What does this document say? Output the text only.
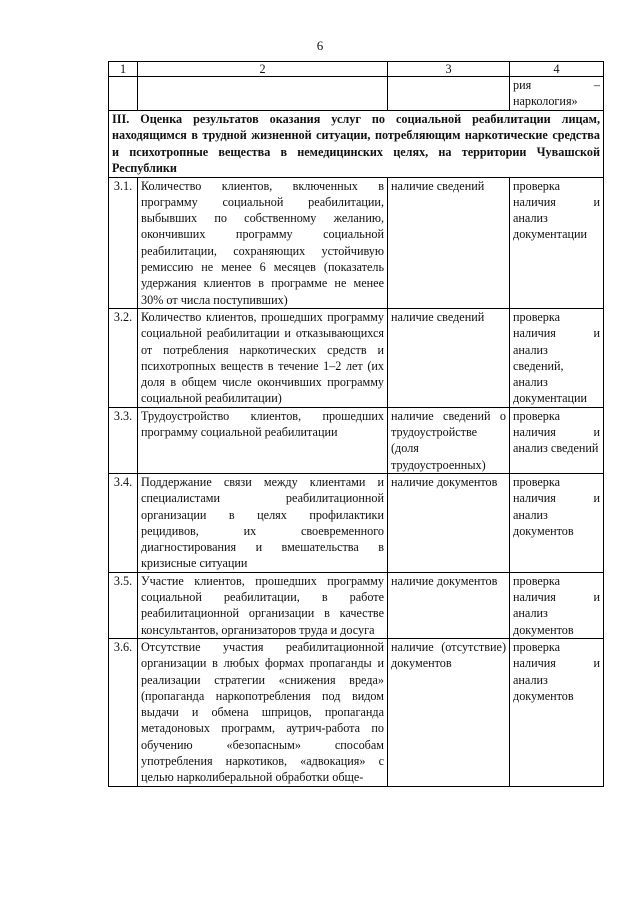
6
1	2	3	4
			рия – наркология»
III. Оценка результатов оказания услуг по социальной реабилитации лицам, находящимся в трудной жизненной ситуации, потребляющим наркотические средства и психотропные вещества в немедицинских целях, на территории Чувашской Республики			
3.1.	Количество клиентов, включенных в программу социальной реабилитации, выбывших по собственному желанию, окончивших программу социальной реабилитации, сохраняющих устойчивую ремиссию не менее 6 месяцев (показатель удержания клиентов в программе не менее 30% от числа поступивших)	наличие сведений	проверка наличия и анализ документации
3.2.	Количество клиентов, прошедших программу социальной реабилитации и отказывающихся от потребления наркотических средств и психотропных веществ в течение 1–2 лет (их доля в общем числе окончивших программу социальной реабилитации)	наличие сведений	проверка наличия и анализ сведений, анализ документации
3.3.	Трудоустройство клиентов, прошедших программу социальной реабилитации	наличие сведений о трудоустройстве (доля трудоустроенных)	проверка наличия и анализ сведений
3.4.	Поддержание связи между клиентами и специалистами реабилитационной организации в целях профилактики рецидивов, их своевременного диагностирования и вмешательства в кризисные ситуации	наличие документов	проверка наличия и анализ документов
3.5.	Участие клиентов, прошедших программу социальной реабилитации, в работе реабилитационной организации в качестве консультантов, организаторов труда и досуга	наличие документов	проверка наличия и анализ документов
3.6.	Отсутствие участия реабилитационной организации в любых формах пропаганды и реализации стратегии «снижения вреда» (пропаганда наркопотребления под видом выдачи и обмена шприцов, пропаганда метадоновых программ, аутрич-работа по обучению «безопасным» способам употребления наркотиков, «адвокация» с целью нарколиберальной обработки обще-	наличие (отсутствие) документов	проверка наличия и анализ документов
